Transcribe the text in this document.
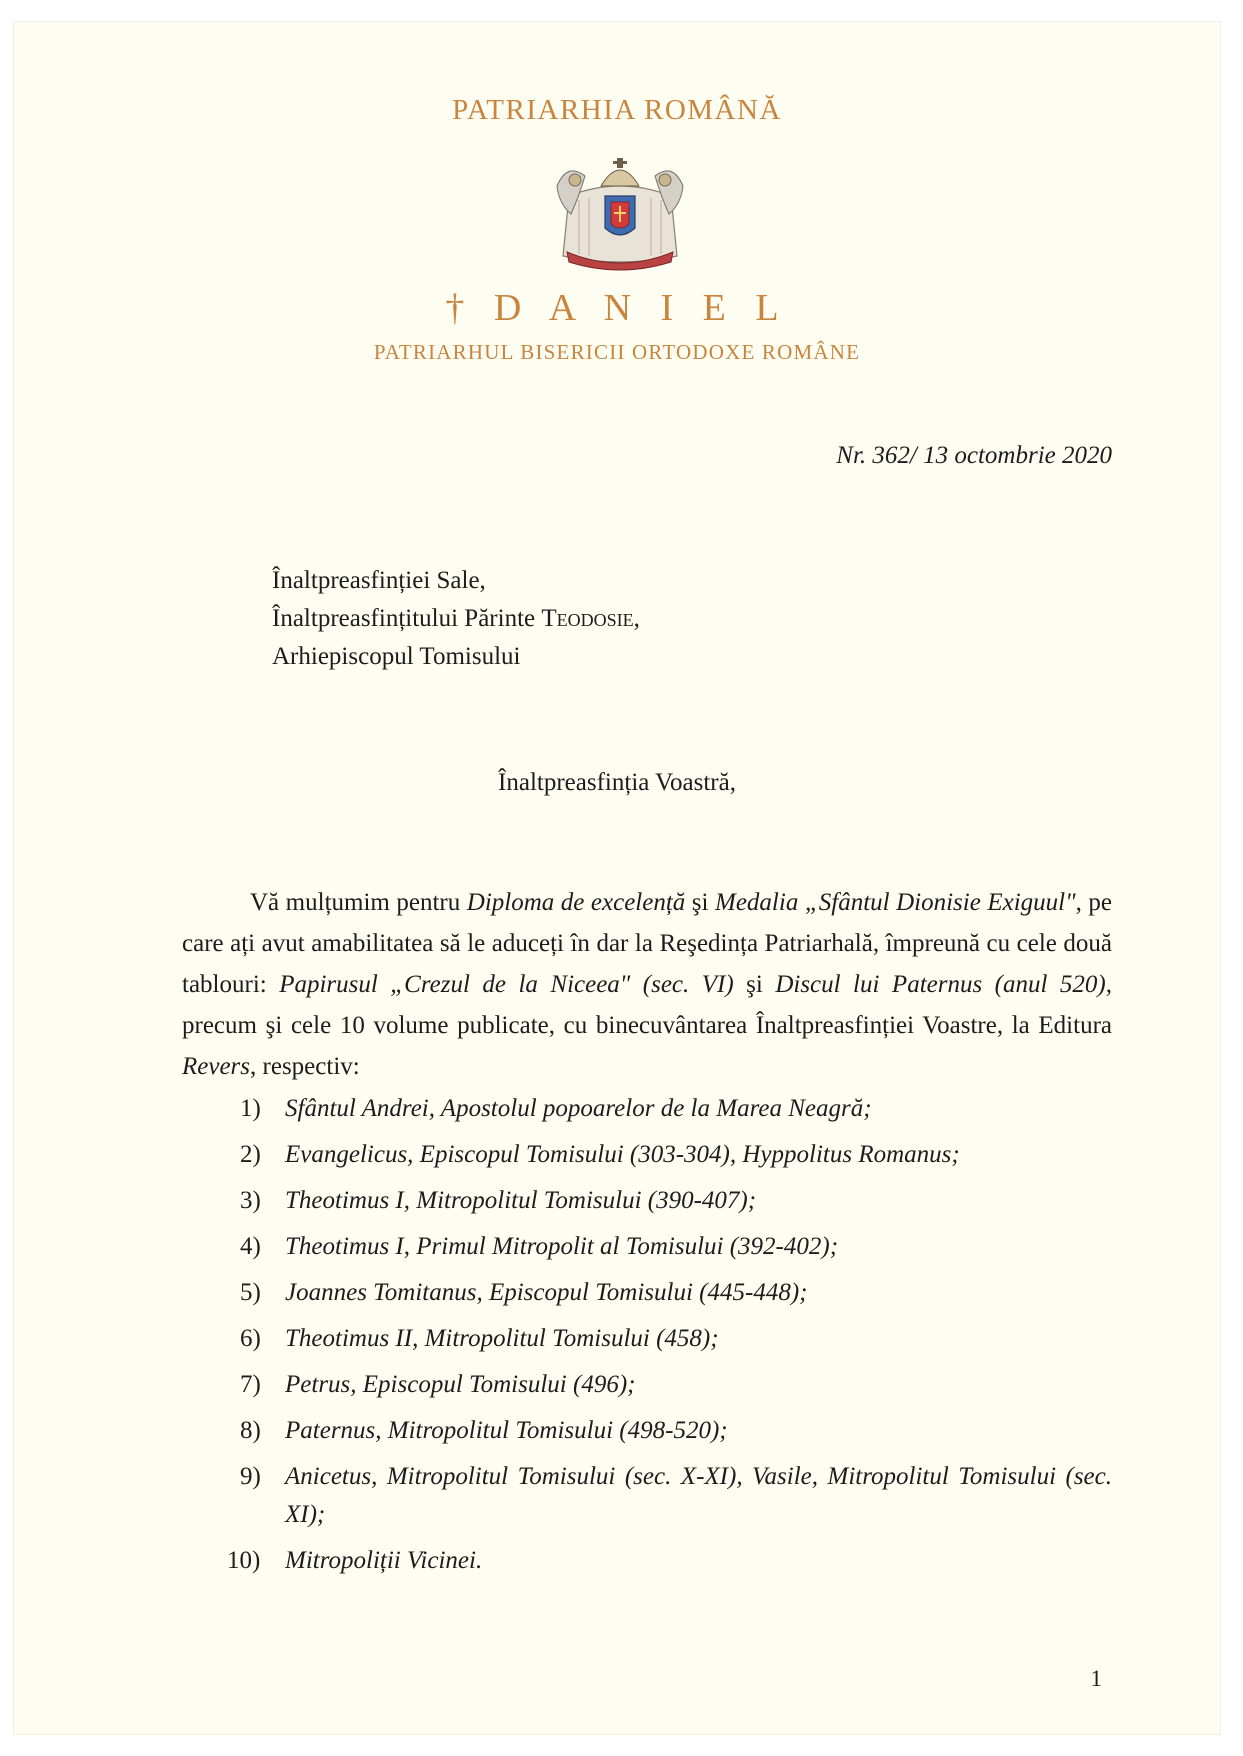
PATRIARHIA ROMÂNĂ
† D A N I E L
PATRIARHUL BISERICII ORTODOXE ROMÂNE
Nr. 362/ 13 octombrie 2020
Înaltpreasfinției Sale,
Înaltpreasfințitului Părinte Teodosie,
Arhiepiscopul Tomisului
Înaltpreasfinția Voastră,

Vă mulțumim pentru Diploma de excelență şi Medalia „Sfântul Dionisie Exiguul", pe care ați avut amabilitatea să le aduceți în dar la Reşedința Patriarhală, împreună cu cele două tablouri: Papirusul „Crezul de la Niceea" (sec. VI) şi Discul lui Paternus (anul 520), precum şi cele 10 volume publicate, cu binecuvântarea Înaltpreasfinției Voastre, la Editura Revers, respectiv:

1) Sfântul Andrei, Apostolul popoarelor de la Marea Neagră;
2) Evangelicus, Episcopul Tomisului (303-304), Hyppolitus Romanus;
3) Theotimus I, Mitropolitul Tomisului (390-407);
4) Theotimus I, Primul Mitropolit al Tomisului (392-402);
5) Joannes Tomitanus, Episcopul Tomisului (445-448);
6) Theotimus II, Mitropolitul Tomisului (458);
7) Petrus, Episcopul Tomisului (496);
8) Paternus, Mitropolitul Tomisului (498-520);
9) Anicetus, Mitropolitul Tomisului (sec. X-XI), Vasile, Mitropolitul Tomisului (sec. XI);
10) Mitropoliții Vicinei.
1
